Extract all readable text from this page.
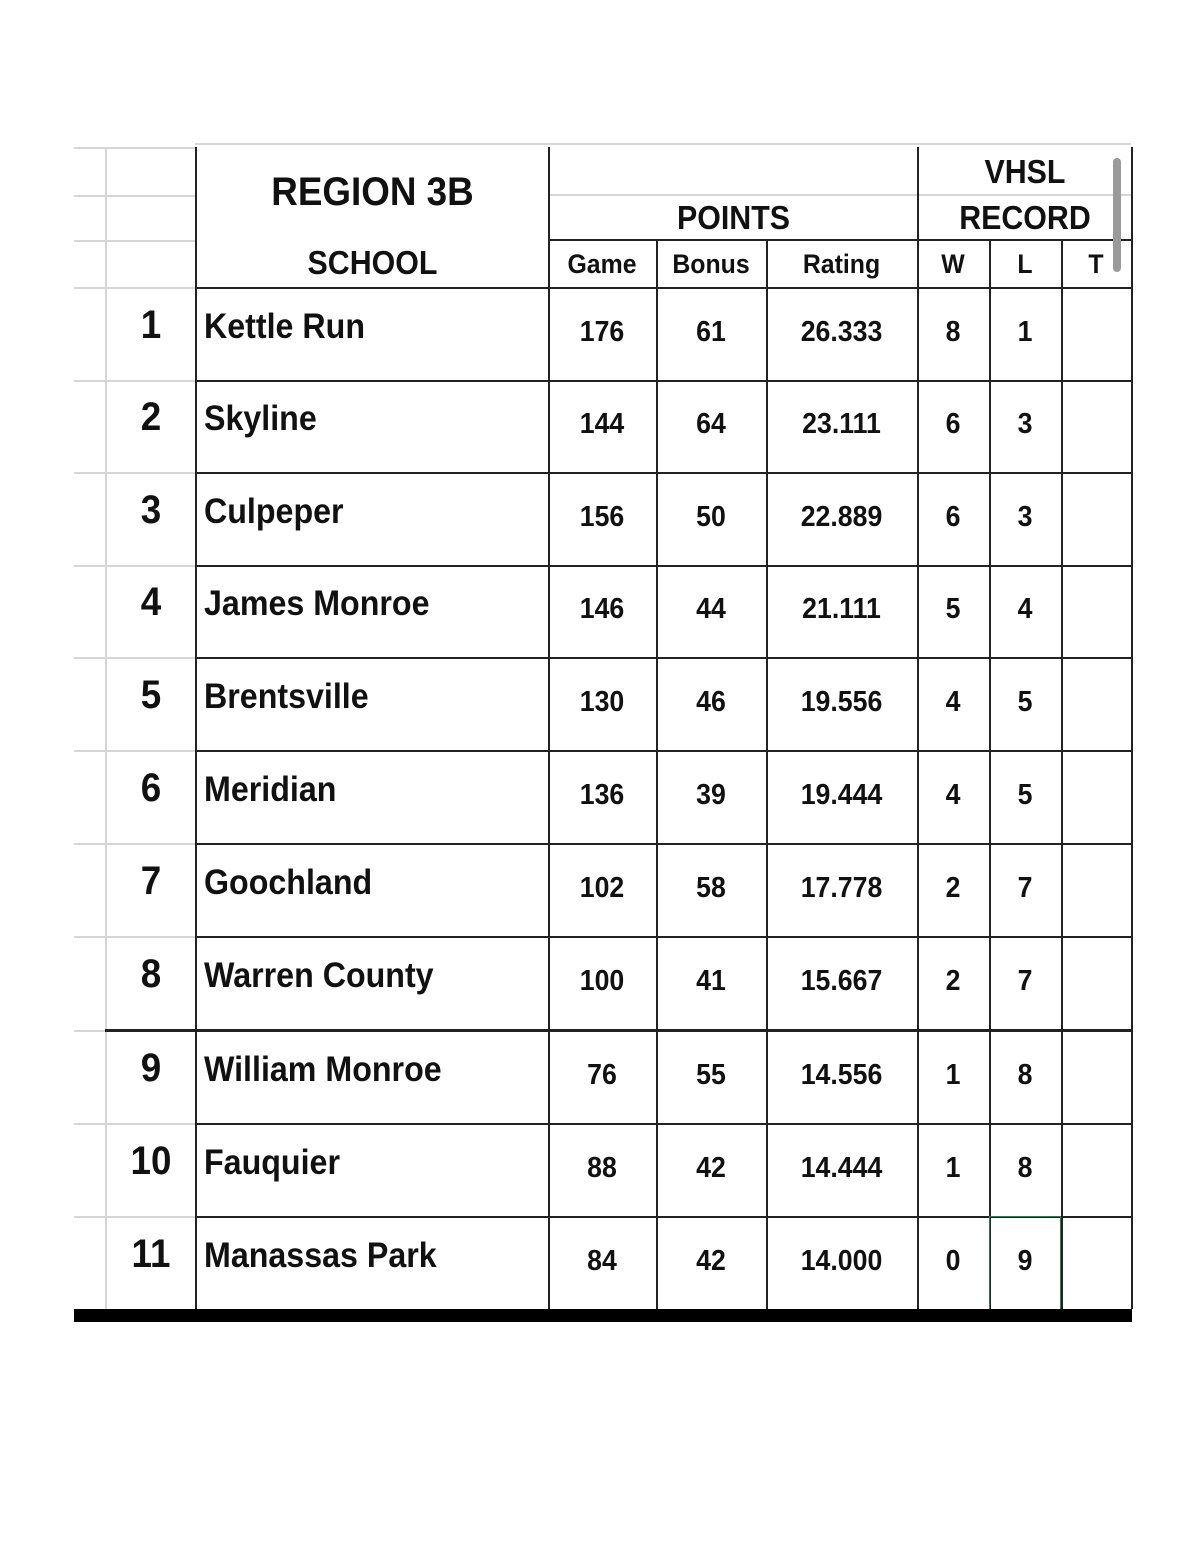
REGION 3B
SCHOOL
POINTS
VHSL
RECORD
Game	Bonus	Rating	W	L	T
1	Kettle Run	176	61	26.333	8	1
2	Skyline	144	64	23.111	6	3
3	Culpeper	156	50	22.889	6	3
4	James Monroe	146	44	21.111	5	4
5	Brentsville	130	46	19.556	4	5
6	Meridian	136	39	19.444	4	5
7	Goochland	102	58	17.778	2	7
8	Warren County	100	41	15.667	2	7
9	William Monroe	76	55	14.556	1	8
10 Fauquier	88	42	14.444	1	8
11 Manassas Park	84	42	14.000	0	9
